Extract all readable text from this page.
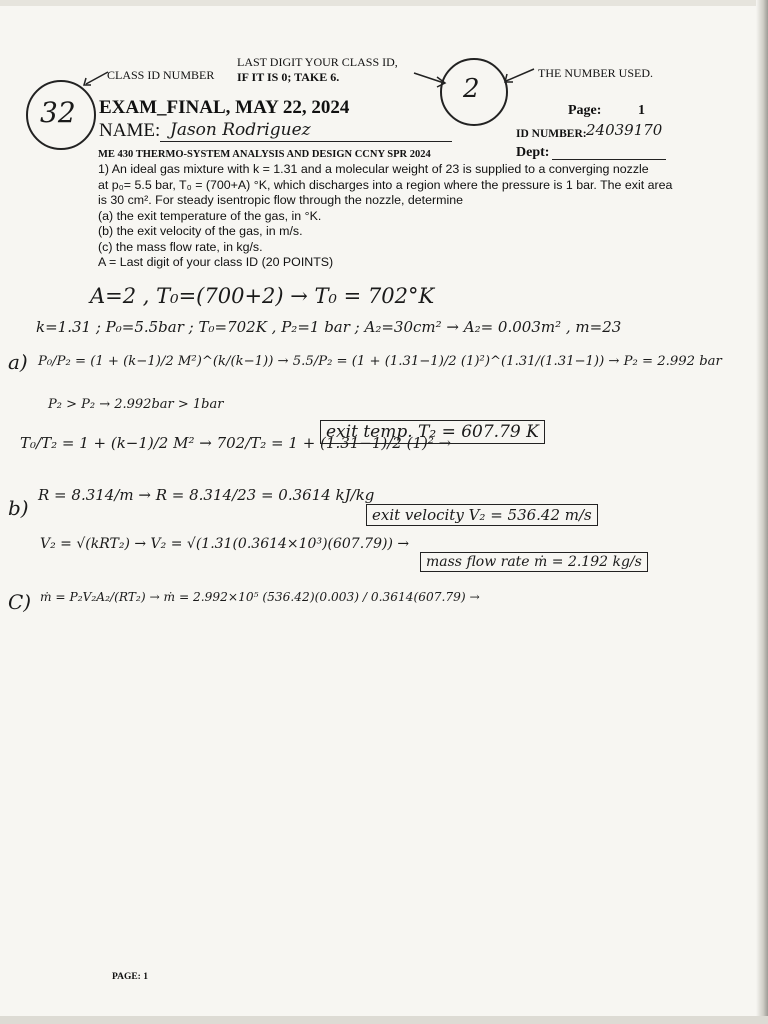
CLASS ID NUMBER
LAST DIGIT YOUR CLASS ID,
IF IT IS 0; TAKE 6.	THE NUMBER USED.
32
2
EXAM_FINAL, MAY 22, 2024
NAME: Jason Rodriguez
Page:	1
ID NUMBER: 24039170
ME 430 THERMO-SYSTEM ANALYSIS AND DESIGN CCNY SPR 2024	Dept:
1) An ideal gas mixture with k = 1.31 and a molecular weight of 23 is supplied to a converging nozzle
at p₀= 5.5 bar, T₀ = (700+A) °K, which discharges into a region where the pressure is 1 bar. The exit area
is 30 cm². For steady isentropic flow through the nozzle, determine
(a) the exit temperature of the gas, in °K.
(b) the exit velocity of the gas, in m/s.
(c) the mass flow rate, in kg/s.
A = Last digit of your class ID (20 POINTS)
A=2 , T₀=(700+2) → T₀ = 702°K
k=1.31 ; P₀=5.5bar ; T₀=702K , P₂=1 bar ; A₂=30cm² → A₂= 0.003m² , m=23
a) P₀/P₂ = (1 + (k−1)/2 M²)^(k/(k−1)) → 5.5/P₂ = (1 + (1.31−1)/2 (1)²)^(1.31/(1.31−1)) → P₂ = 2.992 bar
P₂ > P₂ → 2.992bar > 1bar
T₀/T₂ = 1 + (k−1)/2 M² → 702/T₂ = 1 + (1.31−1)/2 (1)² →
exit temp. T₂ = 607.79 K
b)
R = 8.314/m → R = 8.314/23 = 0.3614 kJ/kg
V₂ = √(kRT₂) → V₂ = √(1.31(0.3614×10³)(607.79)) →
exit velocity V₂ = 536.42 m/s
C) ṁ = P₂V₂A₂/(RT₂) → ṁ = 2.992×10⁵ (536.42)(0.003) / 0.3614(607.79) →
mass flow rate ṁ = 2.192 kg/s
PAGE: 1
